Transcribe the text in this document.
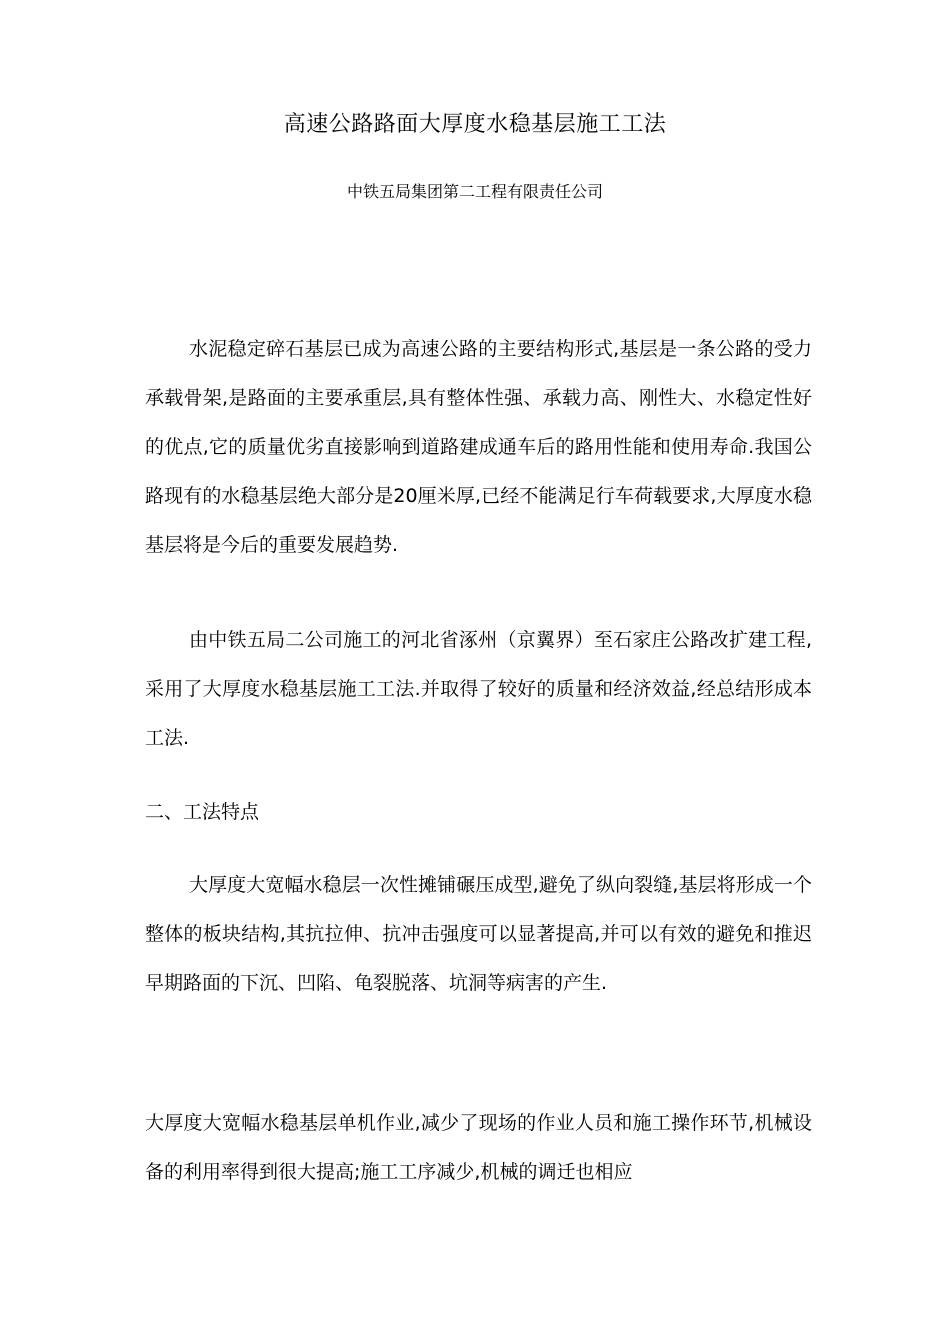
高速公路路面大厚度水稳基层施工工法
中铁五局集团第二工程有限责任公司

水泥稳定碎石基层已成为高速公路的主要结构形式,基层是一条公路的受力承载骨架,是路面的主要承重层,具有整体性强、承载力高、刚性大、水稳定性好的优点,它的质量优劣直接影响到道路建成通车后的路用性能和使用寿命.我国公路现有的水稳基层绝大部分是20厘米厚,已经不能满足行车荷载要求,大厚度水稳基层将是今后的重要发展趋势.

由中铁五局二公司施工的河北省涿州（京翼界）至石家庄公路改扩建工程,采用了大厚度水稳基层施工工法.并取得了较好的质量和经济效益,经总结形成本工法.

二、工法特点

大厚度大宽幅水稳层一次性摊铺碾压成型,避免了纵向裂缝,基层将形成一个整体的板块结构,其抗拉伸、抗冲击强度可以显著提高,并可以有效的避免和推迟早期路面的下沉、凹陷、龟裂脱落、坑洞等病害的产生.

大厚度大宽幅水稳基层单机作业,减少了现场的作业人员和施工操作环节,机械设备的利用率得到很大提高;施工工序减少,机械的调迁也相应
